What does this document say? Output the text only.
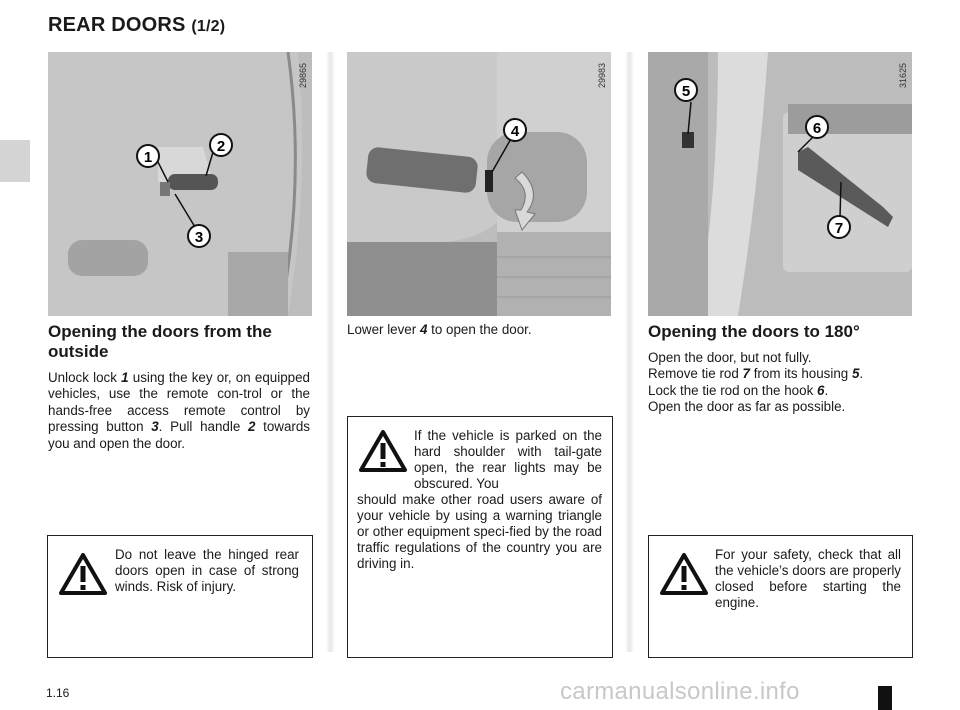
REAR DOORS (1/2)
1
2
3
29865
4
29983
5
6
7
31625
Opening the doors from the outside
Unlock lock 1 using the key or, on equipped vehicles, use the remote con-trol or the hands-free access remote control by pressing button 3. Pull handle 2 towards you and open the door.
Do not leave the hinged rear doors open in case of strong winds. Risk of injury.
Lower lever 4 to open the door.
If the vehicle is parked on the hard shoulder with tail-gate open, the rear lights may be obscured. You
should make other road users aware of your vehicle by using a warning triangle or other equipment speci-fied by the road traffic regulations of the country you are driving in.
Opening the doors to 180°
Open the door, but not fully.
Remove tie rod 7 from its housing 5.
Lock the tie rod on the hook 6.
Open the door as far as possible.
For your safety, check that all the vehicle’s doors are properly closed before starting the engine.
1.16	carmanualsonline.info
